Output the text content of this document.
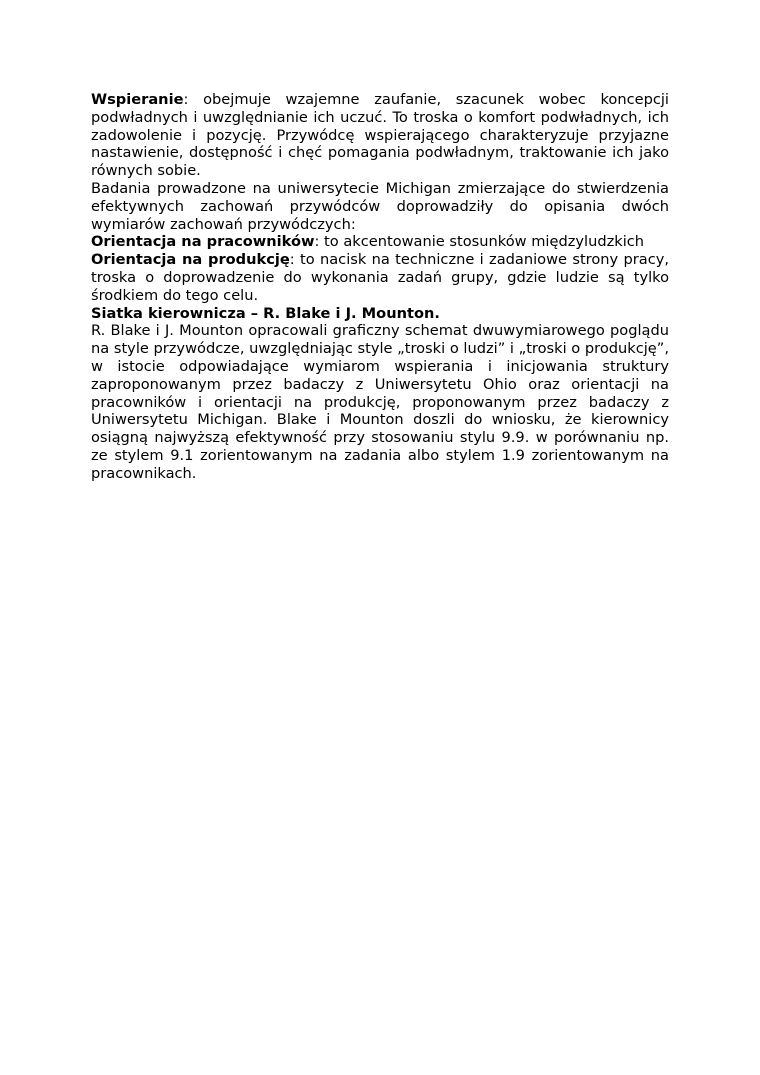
Wspieranie: obejmuje wzajemne zaufanie, szacunek wobec koncepcji podwładnych i uwzględnianie ich uczuć. To troska o komfort podwładnych, ich zadowolenie i pozycję. Przywódcę wspierającego charakteryzuje przyjazne nastawienie, dostępność i chęć pomagania podwładnym, traktowanie ich jako równych sobie.

Badania prowadzone na uniwersytecie Michigan zmierzające do stwierdzenia efektywnych zachowań przywódców doprowadziły do opisania dwóch wymiarów zachowań przywódczych:

Orientacja na pracowników: to akcentowanie stosunków międzyludzkich

Orientacja na produkcję: to nacisk na techniczne i zadaniowe strony pracy, troska o doprowadzenie do wykonania zadań grupy, gdzie ludzie są tylko środkiem do tego celu.

Siatka kierownicza – R. Blake i J. Mounton.

R. Blake i J. Mounton opracowali graficzny schemat dwuwymiarowego poglądu na style przywódcze, uwzględniając style „troski o ludzi” i „troski o produkcję”, w istocie odpowiadające wymiarom wspierania i inicjowania struktury zaproponowanym przez badaczy z Uniwersytetu Ohio oraz orientacji na pracowników i orientacji na produkcję, proponowanym przez badaczy z Uniwersytetu Michigan. Blake i Mounton doszli do wniosku, że kierownicy osiągną najwyższą efektywność przy stosowaniu stylu 9.9. w porównaniu np. ze stylem 9.1 zorientowanym na zadania albo stylem 1.9 zorientowanym na pracownikach.
